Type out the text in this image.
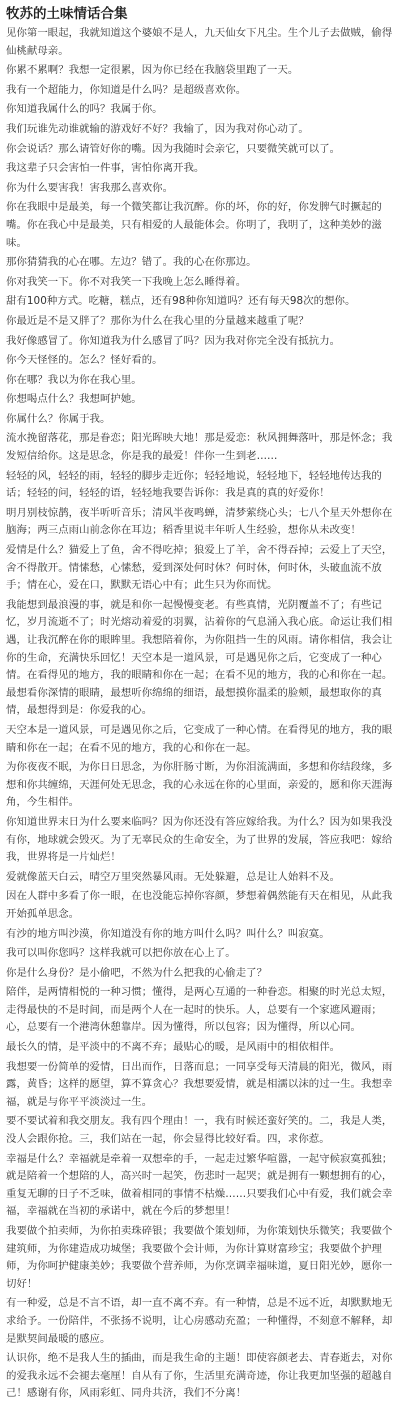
牧苏的土味情话合集

见你第一眼起，我就知道这个婆娘不是人，九天仙女下凡尘。生个儿子去做贼，偷得仙桃献母亲。

你累不累啊？我想一定很累，因为你已经在我脑袋里跑了一天。

我有一个超能力，你知道是什么吗？是超级喜欢你。

你知道我属什么的吗？我属于你。

我们玩谁先动谁就输的游戏好不好？我输了，因为我对你心动了。

你会说话？那么请管好你的嘴。因为我随时会亲它，只要微笑就可以了。

我这辈子只会害怕一件事，害怕你离开我。

你为什么要害我！害我那么喜欢你。

你在我眼中是最美，每一个微笑都让我沉醉。你的坏，你的好，你发脾气时撅起的嘴。你在我心中是最美，只有相爱的人最能体会。你明了，我明了，这种美妙的滋味。

那你猜猜我的心在哪。左边？错了。我的心在你那边。

你对我笑一下。你不对我笑一下我晚上怎么睡得着。

甜有100种方式。吃糖，糕点，还有98种你知道吗？还有每天98次的想你。

你最近是不是又胖了？那你为什么在我心里的分量越来越重了呢？

我好像感冒了。你知道我为什么感冒了吗？因为我对你完全没有抵抗力。

你今天怪怪的。怎么？怪好看的。

你在哪？我以为你在我心里。

你想喝点什么？我想呵护她。

你属什么？你属于我。

流水挽留落花，那是眷恋；阳光晖映大地！那是爱恋：秋风拥舞落叶，那是怀念；我发短信给你。这是思念，你是我的最爱！伴你一生到老……

轻轻的风，轻轻的雨，轻轻的脚步走近你；轻轻地说，轻轻地下，轻轻地传达我的话；轻轻的问，轻轻的语，轻轻地我要告诉你：我是真的真的好爱你！

明月别枝惊鹊，夜半听听音乐；清风半夜鸣蝉，清梦萦绕心头；七八个星天外想你在脑海；两三点雨山前念你在耳边；稻香里说丰年听人生经验，想你从未改变！

爱情是什么？猫爱上了鱼，舍不得吃掉；狼爱上了羊，舍不得吞掉；云爱上了天空，舍不得散开。情愫愁，心愫愁，爱到深处何时休？何时休，何时休，头破血流不放手；情在心，爱在口，默默无语心中有；此生只为你而忧。

我能想到最浪漫的事，就是和你一起慢慢变老。有些真情，光阴覆盖不了；有些记忆，岁月流逝不了；时光熔动着爱的羽翼，沾着你的气息涌入我心底。命运让我们相遇，让我沉醉在你的眼眸里。我想陪着你，为你阻挡一生的风雨。请你相信，我会让你的生命，充满快乐回忆！天空本是一道风景，可是遇见你之后，它变成了一种心情。在看得见的地方，我的眼睛和你在一起；在看不见的地方，我的心和你在一起。最想看你深情的眼睛，最想听你绵绵的细语，最想摸你温柔的脸颊，最想取你的真情，最想得到是：你爱我的心。

天空本是一道风景，可是遇见你之后，它变成了一种心情。在看得见的地方，我的眼睛和你在一起；在看不见的地方，我的心和你在一起。

为你夜夜不眠，为你日日思念，为你肝肠寸断，为你泪流满面，多想和你结段缘，多想和你共缠绵，天涯何处无思念，我的心永远在你的心里面，亲爱的，愿和你天涯海角，今生相伴。

你知道世界末日为什么要来临吗？因为你还没有答应嫁给我。为什么？因为如果我没有你，地球就会毁灭。为了无辜民众的生命安全，为了世界的发展，答应我吧：嫁给我，世界将是一片灿烂！

爱就像蓝天白云，晴空万里突然暴风雨。无处躲避，总是让人始料不及。

因在人群中多看了你一眼，在也没能忘掉你容颜，梦想着偶然能有天在相见，从此我开始孤单思念。

有沙的地方叫沙漠，你知道没有你的地方叫什么吗？叫什么？叫寂寞。

我可以叫你您吗？这样我就可以把你放在心上了。

你是什么身份？是小偷吧，不然为什么把我的心偷走了？

陪伴，是两情相悦的一种习惯；懂得，是两心互通的一种眷恋。相聚的时光总太短，走得最快的不是时间，而是两个人在一起时的快乐。人，总要有一个家遮风避雨；心，总要有一个港湾休憩靠岸。因为懂得，所以包容；因为懂得，所以心同。

最长久的情，是平淡中的不离不弃；最贴心的暖，是风雨中的相依相伴。

我想要一份简单的爱情，日出而作，日落而息；一同享受每天清晨的阳光，微风，雨露，黄昏；这样的愿望，算不算贪心？我想要爱情，就是相濡以沫的过一生。我想幸福，就是与你平平淡淡过一生。

要不要试着和我交朋友。我有四个理由！一，我有时候还蛮好笑的。二，我是人类，没人会跟你抢。三，我们站在一起，你会显得比较好看。四，求你惹。

幸福是什么？幸福就是牵着一双想牵的手，一起走过繁华喧嚣，一起守候寂寞孤独；就是陪着一个想陪的人，高兴时一起笑，伤悲时一起哭；就是拥有一颗想拥有的心，重复无聊的日子不乏味，做着相同的事情不枯燥……只要我们心中有爱，我们就会幸福，幸福就在当初的承诺中，就在今后的梦想里！

我要做个拍卖师，为你拍卖珠碎银；我要做个策划师，为你策划快乐微笑；我要做个建筑师，为你建造成功城堡；我要做个会计师，为你计算财富珍宝；我要做个护理师，为你呵护健康美妙；我要做个营养师，为你烹调幸福味道，夏日阳光妙，愿你一切好！

有一种爱，总是不言不语，却一直不离不弃。有一种情，总是不远不近，却默默地无求给予。一份陪伴，不张扬不说明，让心房感动充盈；一种懂得，不刻意不解释，却是默契间最暖的感应。

认识你，绝不是我人生的插曲，而是我生命的主题！即使容颜老去、青春逝去，对你的爱我永远不会褪去毫厘！自从有了你，生活里充满奇迹，你让我更加坚强的超越自己！感谢有你，风雨彩虹、同舟共济，我们不分离！
